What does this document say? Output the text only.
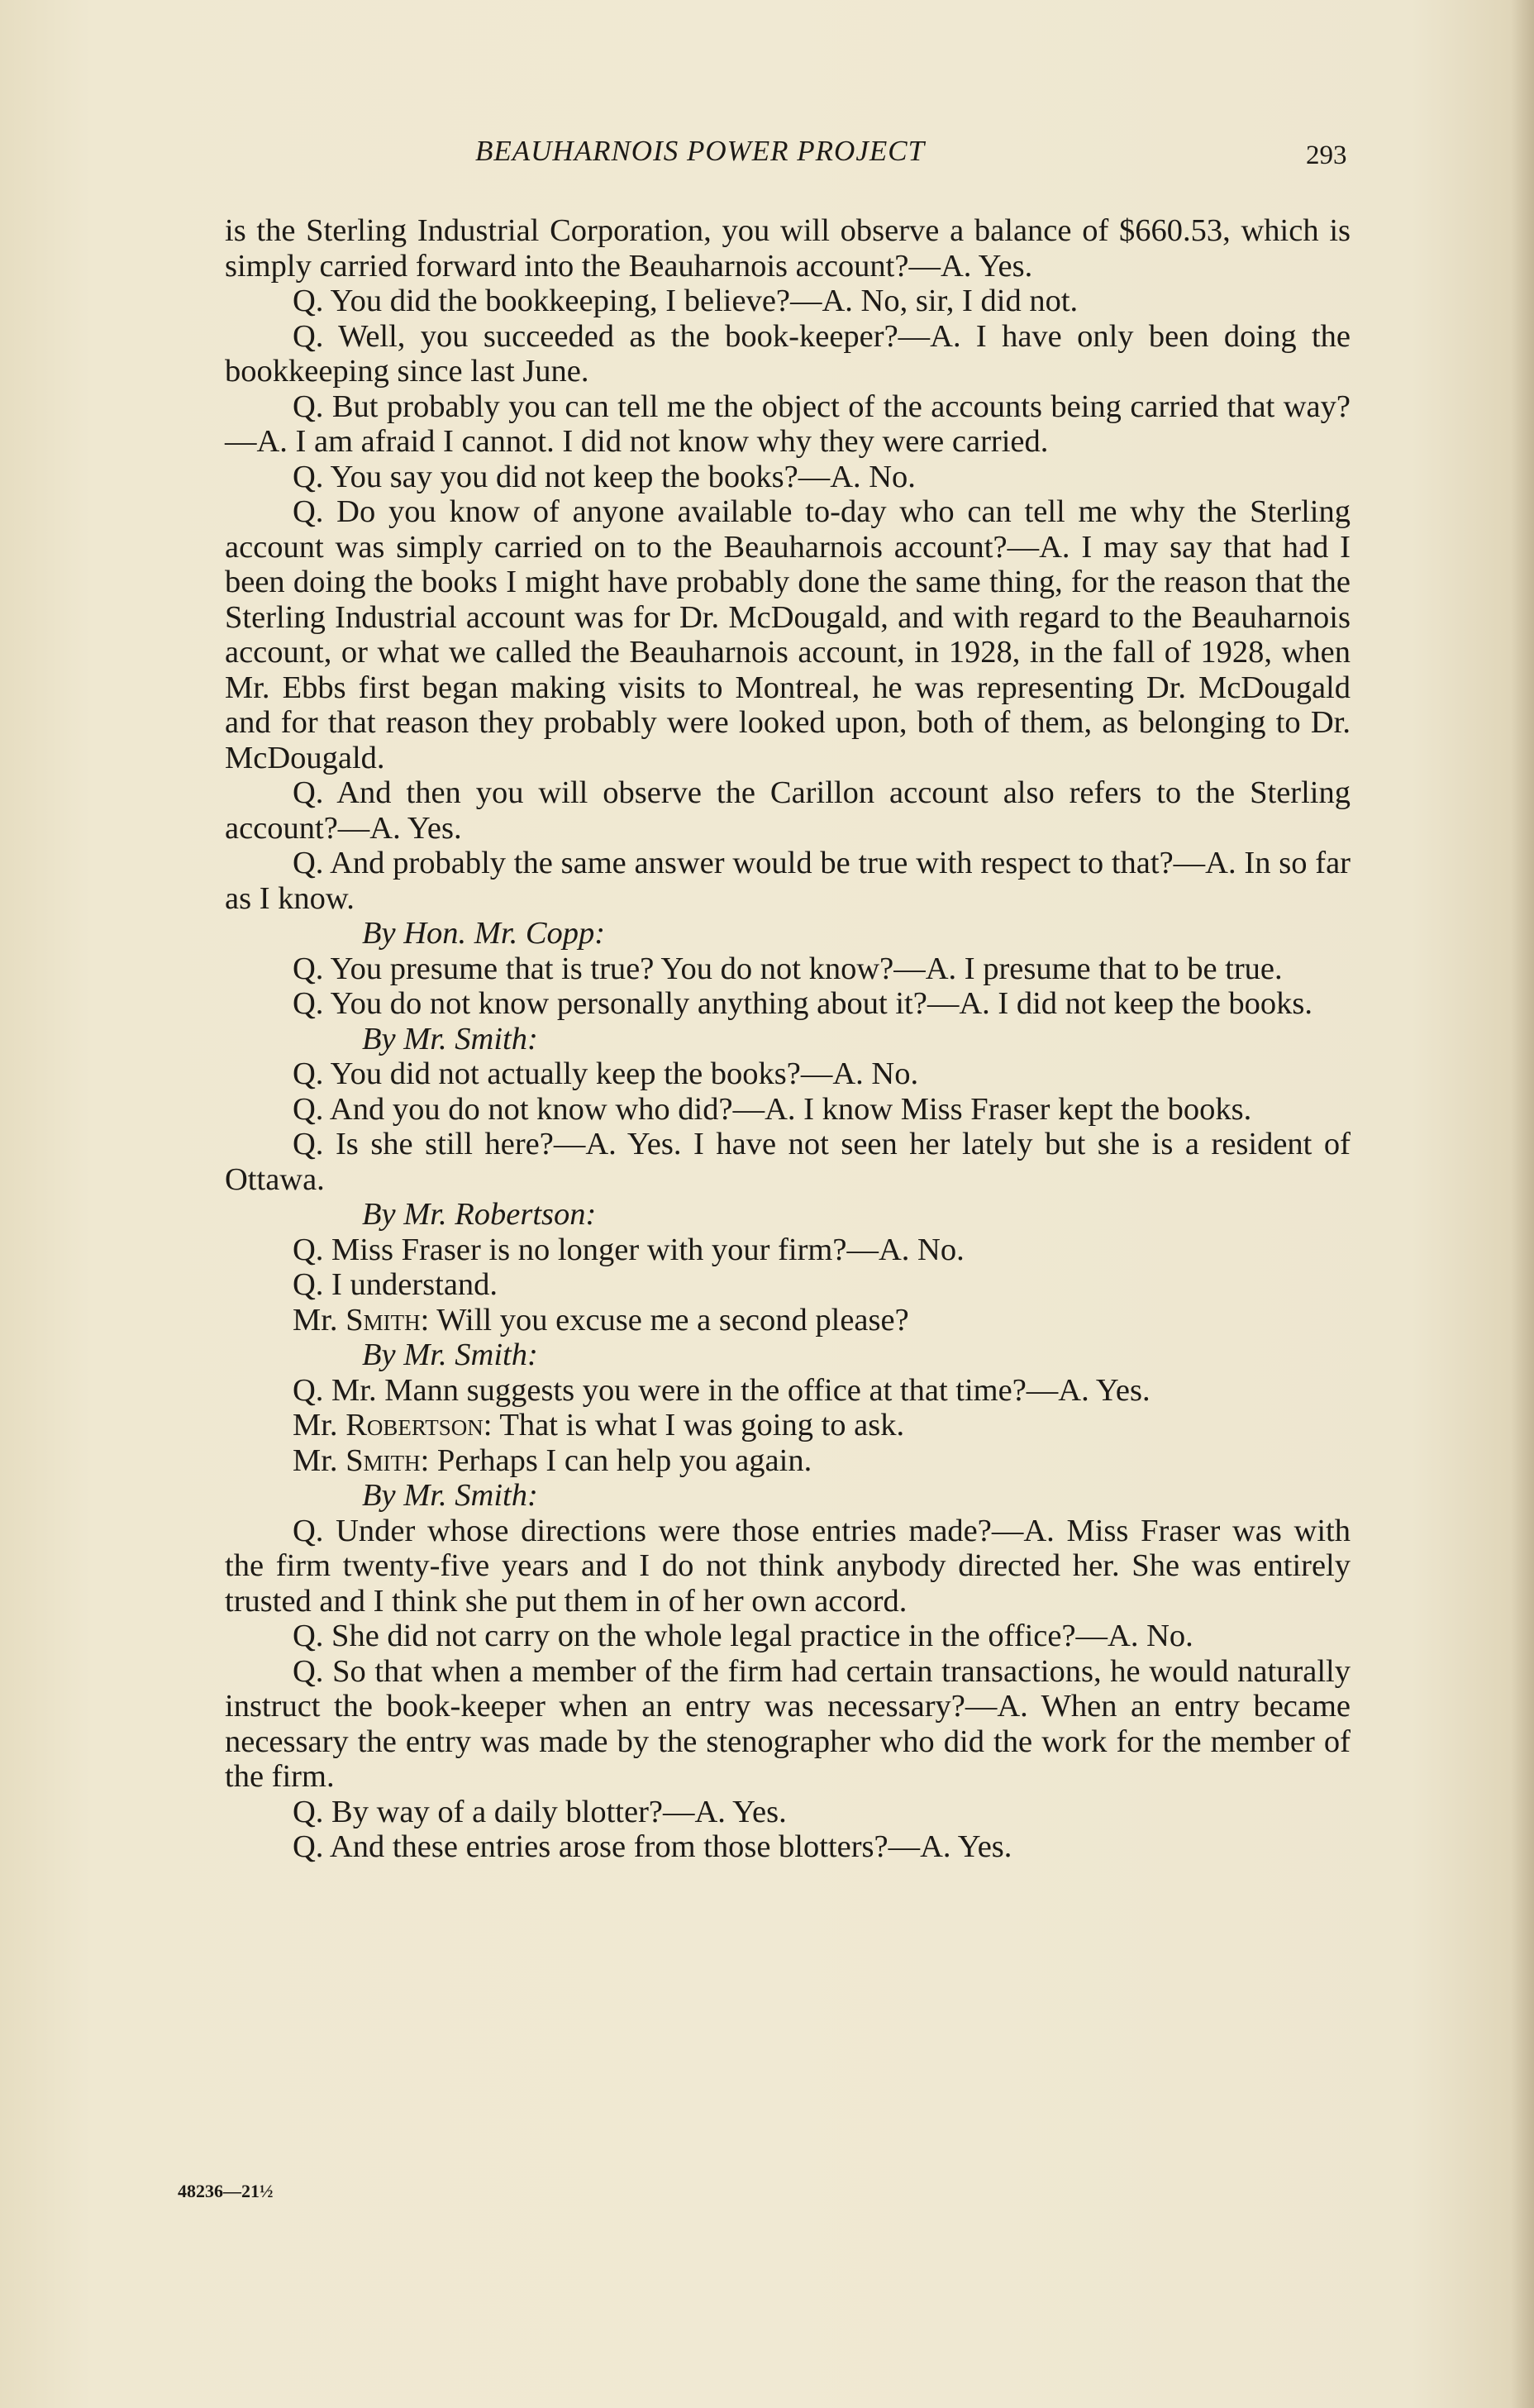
BEAUHARNOIS POWER PROJECT	293

is the Sterling Industrial Corporation, you will observe a balance of $660.53, which is simply carried forward into the Beauharnois account?—A. Yes.

Q. You did the bookkeeping, I believe?—A. No, sir, I did not.

Q. Well, you succeeded as the book-keeper?—A. I have only been doing the bookkeeping since last June.

Q. But probably you can tell me the object of the accounts being carried that way?—A. I am afraid I cannot. I did not know why they were carried.

Q. You say you did not keep the books?—A. No.

Q. Do you know of anyone available to-day who can tell me why the Sterling account was simply carried on to the Beauharnois account?—A. I may say that had I been doing the books I might have probably done the same thing, for the reason that the Sterling Industrial account was for Dr. McDougald, and with regard to the Beauharnois account, or what we called the Beauharnois account, in 1928, in the fall of 1928, when Mr. Ebbs first began making visits to Montreal, he was representing Dr. McDougald and for that reason they probably were looked upon, both of them, as belonging to Dr. McDougald.

Q. And then you will observe the Carillon account also refers to the Sterling account?—A. Yes.

Q. And probably the same answer would be true with respect to that?—A. In so far as I know.

By Hon. Mr. Copp:

Q. You presume that is true? You do not know?—A. I presume that to be true.

Q. You do not know personally anything about it?—A. I did not keep the books.

By Mr. Smith:

Q. You did not actually keep the books?—A. No.

Q. And you do not know who did?—A. I know Miss Fraser kept the books.

Q. Is she still here?—A. Yes. I have not seen her lately but she is a resident of Ottawa.

By Mr. Robertson:

Q. Miss Fraser is no longer with your firm?—A. No.

Q. I understand.

Mr. Smith: Will you excuse me a second please?

By Mr. Smith:

Q. Mr. Mann suggests you were in the office at that time?—A. Yes.

Mr. Robertson: That is what I was going to ask.

Mr. Smith: Perhaps I can help you again.

By Mr. Smith:

Q. Under whose directions were those entries made?—A. Miss Fraser was with the firm twenty-five years and I do not think anybody directed her. She was entirely trusted and I think she put them in of her own accord.

Q. She did not carry on the whole legal practice in the office?—A. No.

Q. So that when a member of the firm had certain transactions, he would naturally instruct the book-keeper when an entry was necessary?—A. When an entry became necessary the entry was made by the stenographer who did the work for the member of the firm.

Q. By way of a daily blotter?—A. Yes.

Q. And these entries arose from those blotters?—A. Yes.

48236—21½
